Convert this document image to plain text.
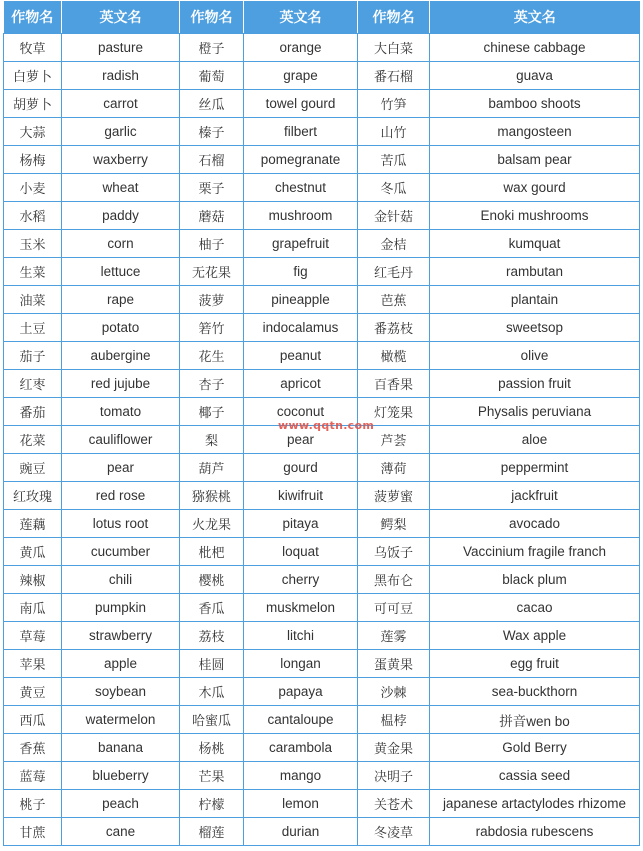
作物名	英文名	作物名	英文名	作物名	英文名
牧草	pasture	橙子	orange	大白菜	chinese cabbage
白萝卜	radish	葡萄	grape	番石榴	guava
胡萝卜	carrot	丝瓜	towel gourd	竹笋	bamboo shoots
大蒜	garlic	榛子	filbert	山竹	mangosteen
杨梅	waxberry	石榴	pomegranate	苦瓜	balsam pear
小麦	wheat	栗子	chestnut	冬瓜	wax gourd
水稻	paddy	蘑菇	mushroom	金针菇	Enoki mushrooms
玉米	corn	柚子	grapefruit	金桔	kumquat
生菜	lettuce	无花果	fig	红毛丹	rambutan
油菜	rape	菠萝	pineapple	芭蕉	plantain
土豆	potato	箬竹	indocalamus	番荔枝	sweetsop
茄子	aubergine	花生	peanut	橄榄	olive
红枣	red jujube	杏子	apricot	百香果	passion fruit
番茄	tomato	椰子	coconut	灯笼果	Physalis peruviana
花菜	cauliflower	梨	pear	芦荟	aloe
豌豆	pear	葫芦	gourd	薄荷	peppermint
红玫瑰	red rose	猕猴桃	kiwifruit	菠萝蜜	jackfruit
莲藕	lotus root	火龙果	pitaya	鳄梨	avocado
黄瓜	cucumber	枇杷	loquat	乌饭子	Vaccinium fragile franch
辣椒	chili	樱桃	cherry	黑布仑	black plum
南瓜	pumpkin	香瓜	muskmelon	可可豆	cacao
草莓	strawberry	荔枝	litchi	莲雾	Wax apple
苹果	apple	桂圆	longan	蛋黄果	egg fruit
黄豆	soybean	木瓜	papaya	沙棘	sea-buckthorn
西瓜	watermelon	哈蜜瓜	cantaloupe	榅桲	拼音wen bo
香蕉	banana	杨桃	carambola	黄金果	Gold Berry
蓝莓	blueberry	芒果	mango	决明子	cassia seed
桃子	peach	柠檬	lemon	关苍术	japanese artactylodes rhizome
甘蔗	cane	榴莲	durian	冬凌草	rabdosia rubescens
www.qqtn.com
